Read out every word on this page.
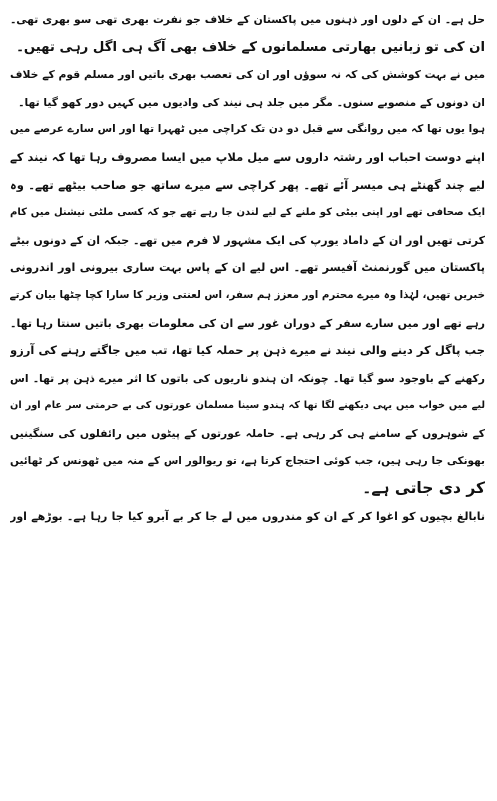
حل ہے۔ ان کے دلوں اور ذہنوں میں پاکستان کے خلاف جو نفرت بھری تھی سو بھری تھی۔
ان کی تو زبانیں بھارتی مسلمانوں کے خلاف بھی آگ ہی اگل رہی تھیں۔
میں نے بہت کوشش کی کہ نہ سوؤں اور ان کی تعصب بھری باتیں اور مسلم قوم کے خلاف
ان دونوں کے منصوبے سنوں۔ مگر میں جلد ہی نیند کی وادیوں میں کہیں دور کھو گیا تھا۔
ہوا یوں تھا کہ میں روانگی سے قبل دو دن تک کراچی میں ٹھہرا تھا اور اس سارے عرصے میں
اپنے دوست احباب اور رشتہ داروں سے میل ملاپ میں ایسا مصروف رہا تھا کہ نیند کے
لیے چند گھنٹے ہی میسر آئے تھے۔ پھر کراچی سے میرے ساتھ جو صاحب بیٹھے تھے۔ وہ
ایک صحافی تھے اور اپنی بیٹی کو ملنے کے لیے لندن جا رہے تھے جو کہ کسی ملٹی نیشنل میں کام
کرتی تھیں اور ان کے داماد یورپ کی ایک مشہور لا فرم میں تھے۔ جبکہ ان کے دونوں بیٹے
پاکستان میں گورنمنٹ آفیسر تھے۔ اس لیے ان کے پاس بہت ساری بیرونی اور اندرونی
خبریں تھیں، لہٰذا وہ میرے محترم اور معزز ہم سفر، اس لعنتی وزیر کا سارا کچا چٹھا بیان کرتے
رہے تھے اور میں سارے سفر کے دوران غور سے ان کی معلومات بھری باتیں سنتا رہا تھا۔
جب پاگل کر دینے والی نیند نے میرے ذہن پر حملہ کیا تھا، تب میں جاگتے رہنے کی آرزو
رکھنے کے باوجود سو گیا تھا۔ چونکہ ان ہندو ناریوں کی باتوں کا اثر میرے ذہن پر تھا۔ اس
لیے میں خواب میں یہی دیکھنے لگا تھا کہ ہندو سینا مسلمان عورتوں کی بے حرمتی سر عام اور ان
کے شوہروں کے سامنے ہی کر رہی ہے۔ حاملہ عورتوں کے پیٹوں میں رائفلوں کی سنگینیں
بھونکی جا رہی ہیں، جب کوئی احتجاج کرتا ہے، تو ریوالور اس کے منہ میں ٹھونس کر ٹھائیں
کر دی جاتی ہے۔
نابالغ بچیوں کو اغوا کر کے ان کو مندروں میں لے جا کر بے آبرو کیا جا رہا ہے۔ بوڑھے اور
